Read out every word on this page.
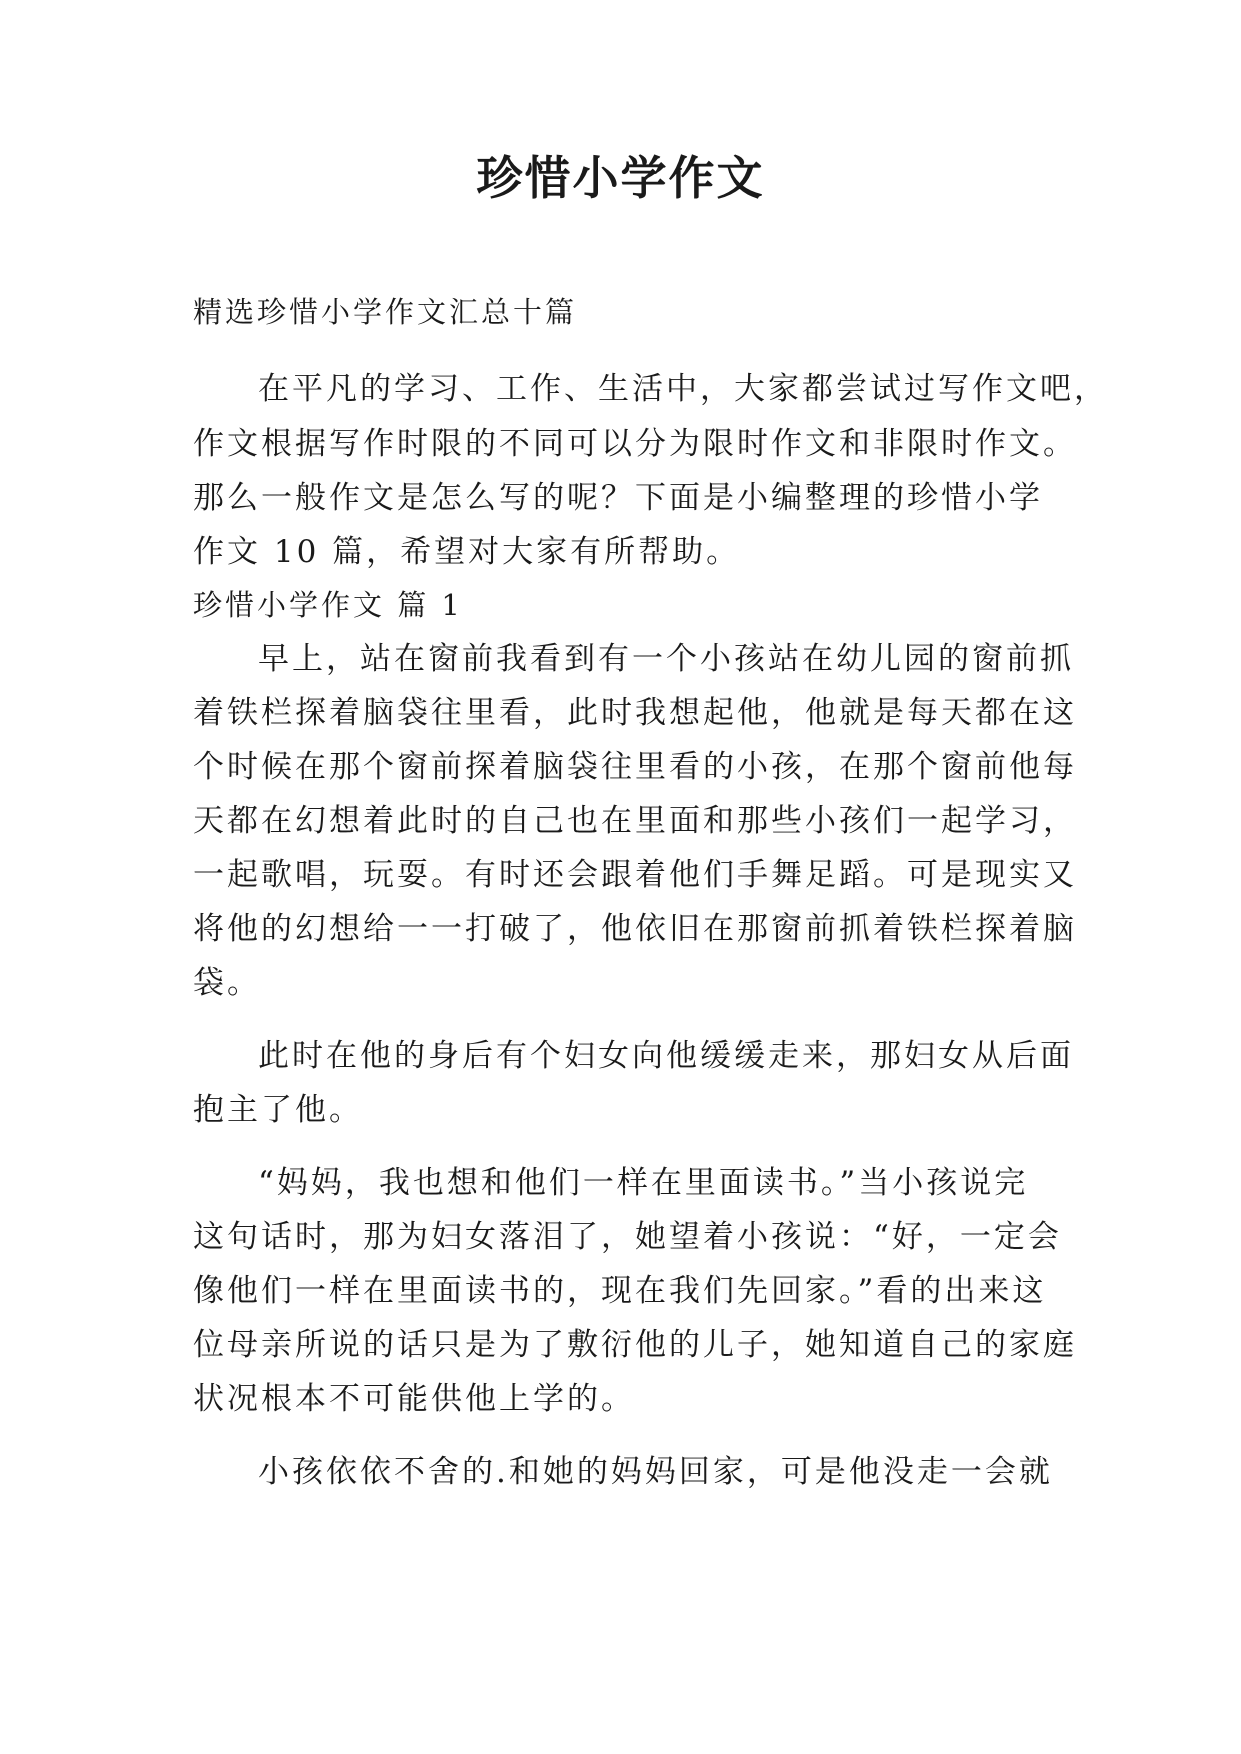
珍惜小学作文
精选珍惜小学作文汇总十篇
在平凡的学习、工作、生活中，大家都尝试过写作文吧，
作文根据写作时限的不同可以分为限时作文和非限时作文。
那么一般作文是怎么写的呢？下面是小编整理的珍惜小学
作文 10 篇，希望对大家有所帮助。
珍惜小学作文 篇 1
早上，站在窗前我看到有一个小孩站在幼儿园的窗前抓
着铁栏探着脑袋往里看，此时我想起他，他就是每天都在这
个时候在那个窗前探着脑袋往里看的小孩，在那个窗前他每
天都在幻想着此时的自己也在里面和那些小孩们一起学习，
一起歌唱，玩耍。有时还会跟着他们手舞足蹈。可是现实又
将他的幻想给一一打破了，他依旧在那窗前抓着铁栏探着脑
袋。
此时在他的身后有个妇女向他缓缓走来，那妇女从后面
抱主了他。
“妈妈，我也想和他们一样在里面读书。”当小孩说完
这句话时，那为妇女落泪了，她望着小孩说：“好，一定会
像他们一样在里面读书的，现在我们先回家。”看的出来这
位母亲所说的话只是为了敷衍他的儿子，她知道自己的家庭
状况根本不可能供他上学的。
小孩依依不舍的.和她的妈妈回家，可是他没走一会就
